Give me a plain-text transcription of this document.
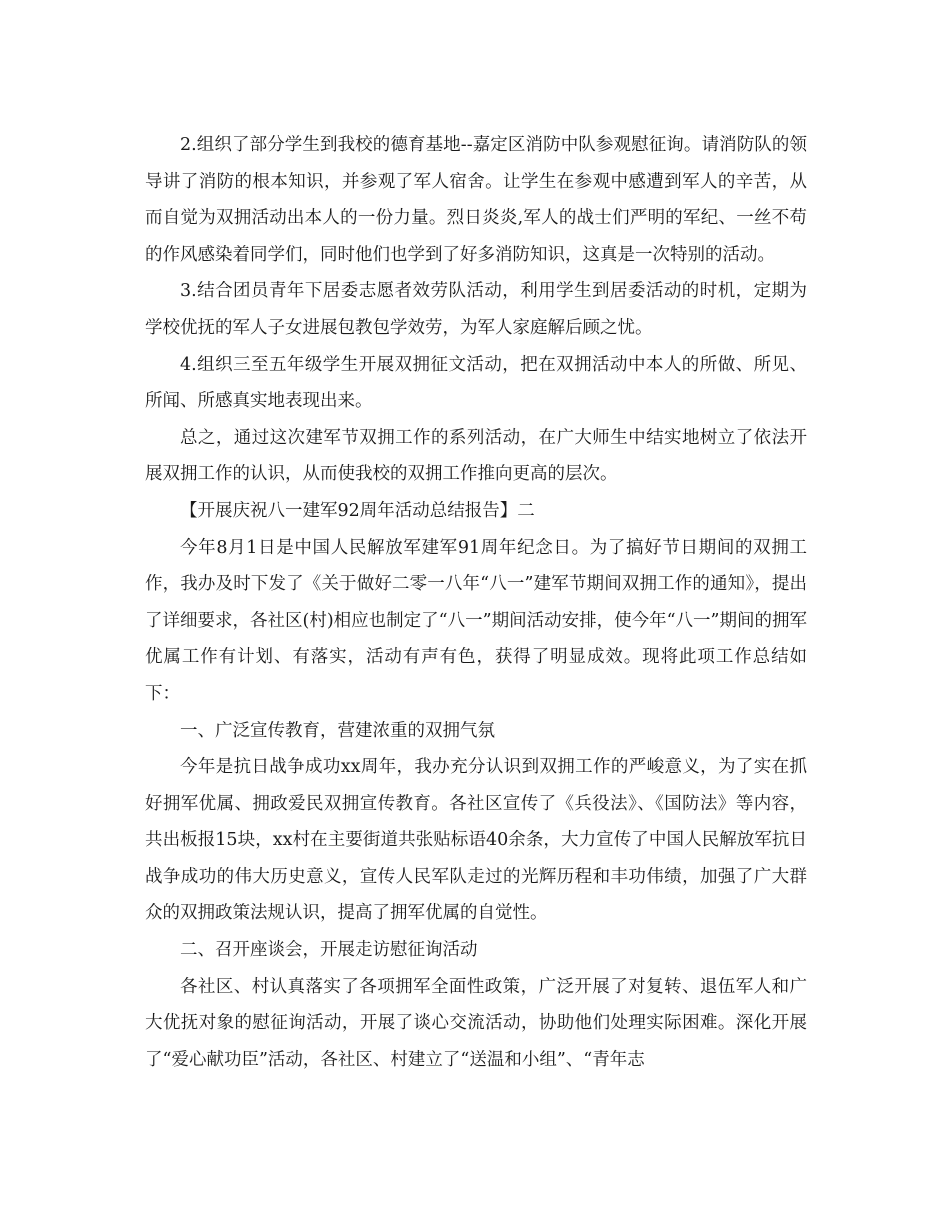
2.组织了部分学生到我校的德育基地--嘉定区消防中队参观慰征询。请消防队的领导讲了消防的根本知识，并参观了军人宿舍。让学生在参观中感遭到军人的辛苦，从而自觉为双拥活动出本人的一份力量。烈日炎炎,军人的战士们严明的军纪、一丝不苟的作风感染着同学们，同时他们也学到了好多消防知识，这真是一次特别的活动。

3.结合团员青年下居委志愿者效劳队活动，利用学生到居委活动的时机，定期为学校优抚的军人子女进展包教包学效劳，为军人家庭解后顾之忧。

4.组织三至五年级学生开展双拥征文活动，把在双拥活动中本人的所做、所见、所闻、所感真实地表现出来。

总之，通过这次建军节双拥工作的系列活动，在广大师生中结实地树立了依法开展双拥工作的认识，从而使我校的双拥工作推向更高的层次。

【开展庆祝八一建军92周年活动总结报告】二

今年8月1日是中国人民解放军建军91周年纪念日。为了搞好节日期间的双拥工作，我办及时下发了《关于做好二零一八年“八一”建军节期间双拥工作的通知》，提出了详细要求，各社区(村)相应也制定了“八一”期间活动安排，使今年“八一”期间的拥军优属工作有计划、有落实，活动有声有色，获得了明显成效。现将此项工作总结如下：

一、广泛宣传教育，营建浓重的双拥气氛

今年是抗日战争成功xx周年，我办充分认识到双拥工作的严峻意义，为了实在抓好拥军优属、拥政爱民双拥宣传教育。各社区宣传了《兵役法》、《国防法》等内容，共出板报15块，xx村在主要街道共张贴标语40余条，大力宣传了中国人民解放军抗日战争成功的伟大历史意义，宣传人民军队走过的光辉历程和丰功伟绩，加强了广大群众的双拥政策法规认识，提高了拥军优属的自觉性。

二、召开座谈会，开展走访慰征询活动

各社区、村认真落实了各项拥军全面性政策，广泛开展了对复转、退伍军人和广大优抚对象的慰征询活动，开展了谈心交流活动，协助他们处理实际困难。深化开展了“爱心献功臣”活动，各社区、村建立了“送温和小组”、“青年志
